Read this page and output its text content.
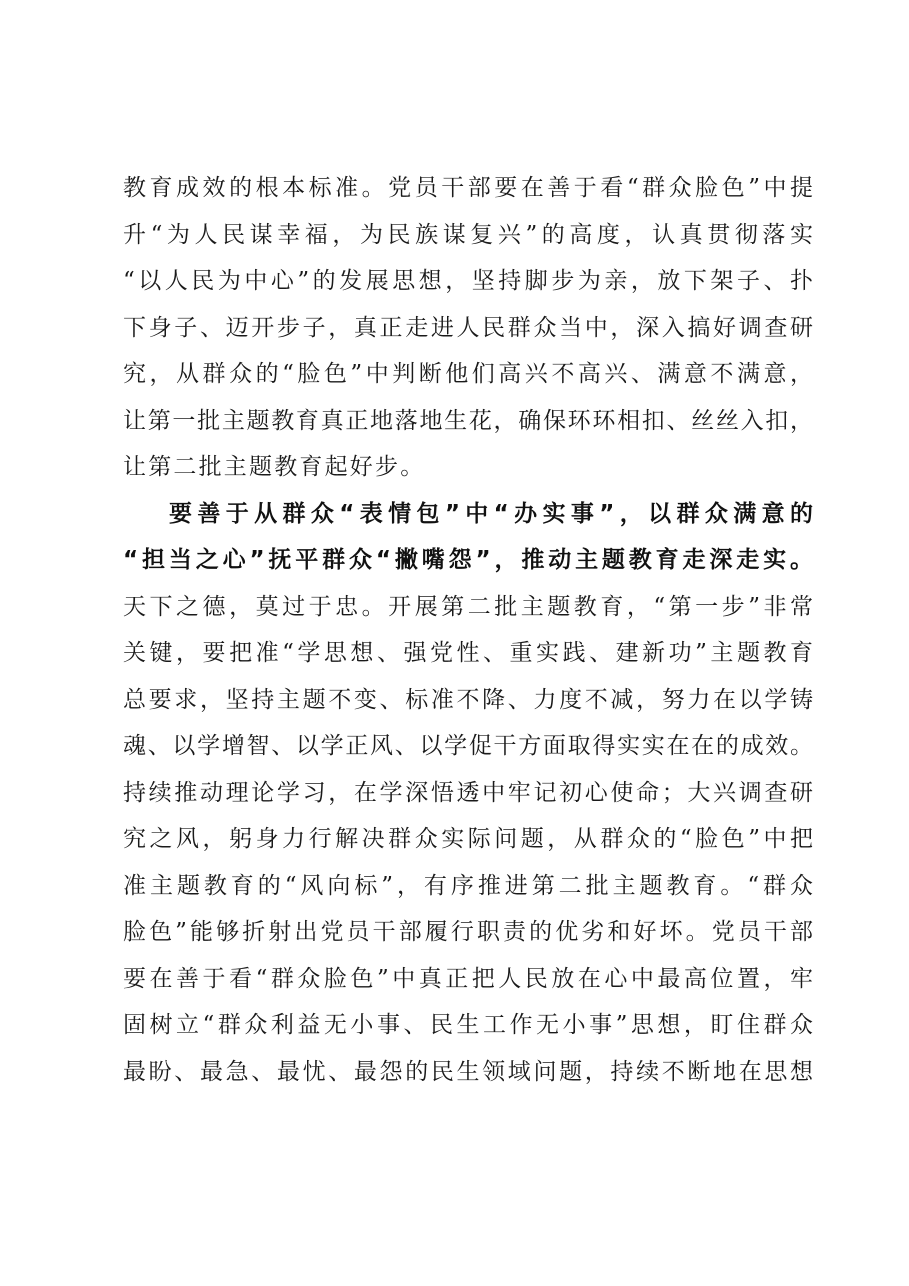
教育成效的根本标准。党员干部要在善于看“群众脸色”中提
升“为人民谋幸福，为民族谋复兴”的高度，认真贯彻落实
“以人民为中心”的发展思想，坚持脚步为亲，放下架子、扑
下身子、迈开步子，真正走进人民群众当中，深入搞好调查研
究，从群众的“脸色”中判断他们高兴不高兴、满意不满意，
让第一批主题教育真正地落地生花，确保环环相扣、丝丝入扣，
让第二批主题教育起好步。
要善于从群众“表情包”中“办实事”，以群众满意的
“担当之心”抚平群众“撇嘴怨”，推动主题教育走深走实。
天下之德，莫过于忠。开展第二批主题教育，“第一步”非常
关键，要把准“学思想、强党性、重实践、建新功”主题教育
总要求，坚持主题不变、标准不降、力度不减，努力在以学铸
魂、以学增智、以学正风、以学促干方面取得实实在在的成效。
持续推动理论学习，在学深悟透中牢记初心使命；大兴调查研
究之风，躬身力行解决群众实际问题，从群众的“脸色”中把
准主题教育的“风向标”，有序推进第二批主题教育。“群众
脸色”能够折射出党员干部履行职责的优劣和好坏。党员干部
要在善于看“群众脸色”中真正把人民放在心中最高位置，牢
固树立“群众利益无小事、民生工作无小事”思想，盯住群众
最盼、最急、最忧、最怨的民生领域问题，持续不断地在思想
